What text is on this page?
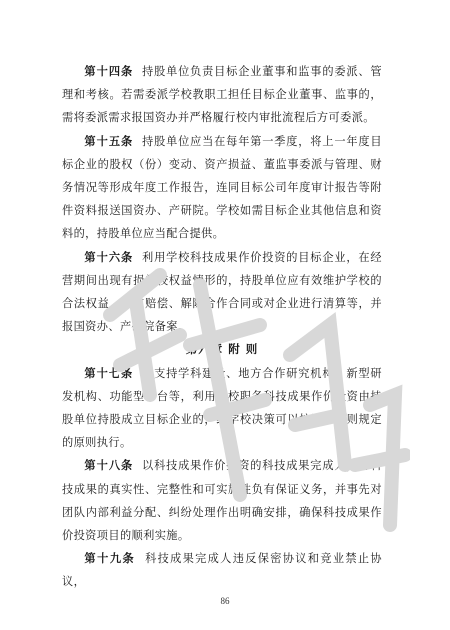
第十四条 持股单位负责目标企业董事和监事的委派、管理和考核。若需委派学校教职工担任目标企业董事、监事的，需将委派需求报国资办并严格履行校内审批流程后方可委派。

第十五条 持股单位应当在每年第一季度，将上一年度目标企业的股权（份）变动、资产损益、董监事委派与管理、财务情况等形成年度工作报告，连同目标公司年度审计报告等附件资料报送国资办、产研院。学校如需目标企业其他信息和资料的，持股单位应当配合提供。

第十六条 利用学校科技成果作价投资的目标企业，在经营期间出现有损学校权益情形的，持股单位应有效维护学校的合法权益，要求赔偿、解除合作合同或对企业进行清算等，并报国资办、产研院备案。

第六章 附 则

第十七条 因支持学科建设、地方合作研究机构、新型研发机构、功能型平台等，利用学校职务科技成果作价投资由持股单位持股成立目标企业的，经学校决策可以按照本细则规定的原则执行。

第十八条 以科技成果作价投资的科技成果完成人，对科技成果的真实性、完整性和可实施性负有保证义务，并事先对团队内部利益分配、纠纷处理作出明确安排，确保科技成果作价投资项目的顺利实施。

第十九条 科技成果完成人违反保密协议和竞业禁止协议，

86
